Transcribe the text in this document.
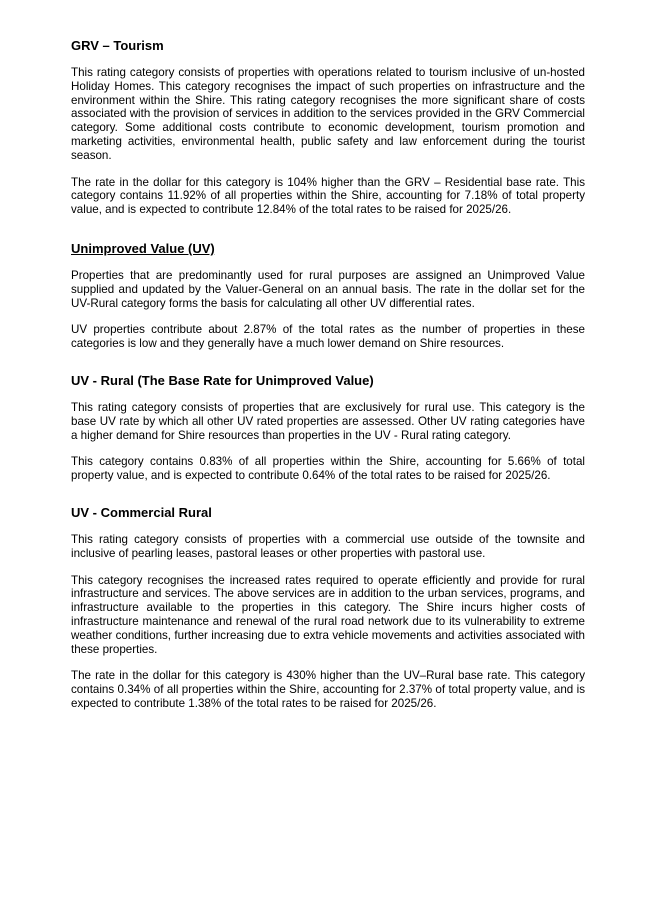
GRV – Tourism

This rating category consists of properties with operations related to tourism inclusive of un-hosted Holiday Homes. This category recognises the impact of such properties on infrastructure and the environment within the Shire. This rating category recognises the more significant share of costs associated with the provision of services in addition to the services provided in the GRV Commercial category. Some additional costs contribute to economic development, tourism promotion and marketing activities, environmental health, public safety and law enforcement during the tourist season.

The rate in the dollar for this category is 104% higher than the GRV – Residential base rate. This category contains 11.92% of all properties within the Shire, accounting for 7.18% of total property value, and is expected to contribute 12.84% of the total rates to be raised for 2025/26.

Unimproved Value (UV)

Properties that are predominantly used for rural purposes are assigned an Unimproved Value supplied and updated by the Valuer-General on an annual basis. The rate in the dollar set for the UV-Rural category forms the basis for calculating all other UV differential rates.

UV properties contribute about 2.87% of the total rates as the number of properties in these categories is low and they generally have a much lower demand on Shire resources.

UV - Rural (The Base Rate for Unimproved Value)

This rating category consists of properties that are exclusively for rural use. This category is the base UV rate by which all other UV rated properties are assessed. Other UV rating categories have a higher demand for Shire resources than properties in the UV - Rural rating category.

This category contains 0.83% of all properties within the Shire, accounting for 5.66% of total property value, and is expected to contribute 0.64% of the total rates to be raised for 2025/26.

UV - Commercial Rural

This rating category consists of properties with a commercial use outside of the townsite and inclusive of pearling leases, pastoral leases or other properties with pastoral use.

This category recognises the increased rates required to operate efficiently and provide for rural infrastructure and services. The above services are in addition to the urban services, programs, and infrastructure available to the properties in this category. The Shire incurs higher costs of infrastructure maintenance and renewal of the rural road network due to its vulnerability to extreme weather conditions, further increasing due to extra vehicle movements and activities associated with these properties.

The rate in the dollar for this category is 430% higher than the UV–Rural base rate. This category contains 0.34% of all properties within the Shire, accounting for 2.37% of total property value, and is expected to contribute 1.38% of the total rates to be raised for 2025/26.
